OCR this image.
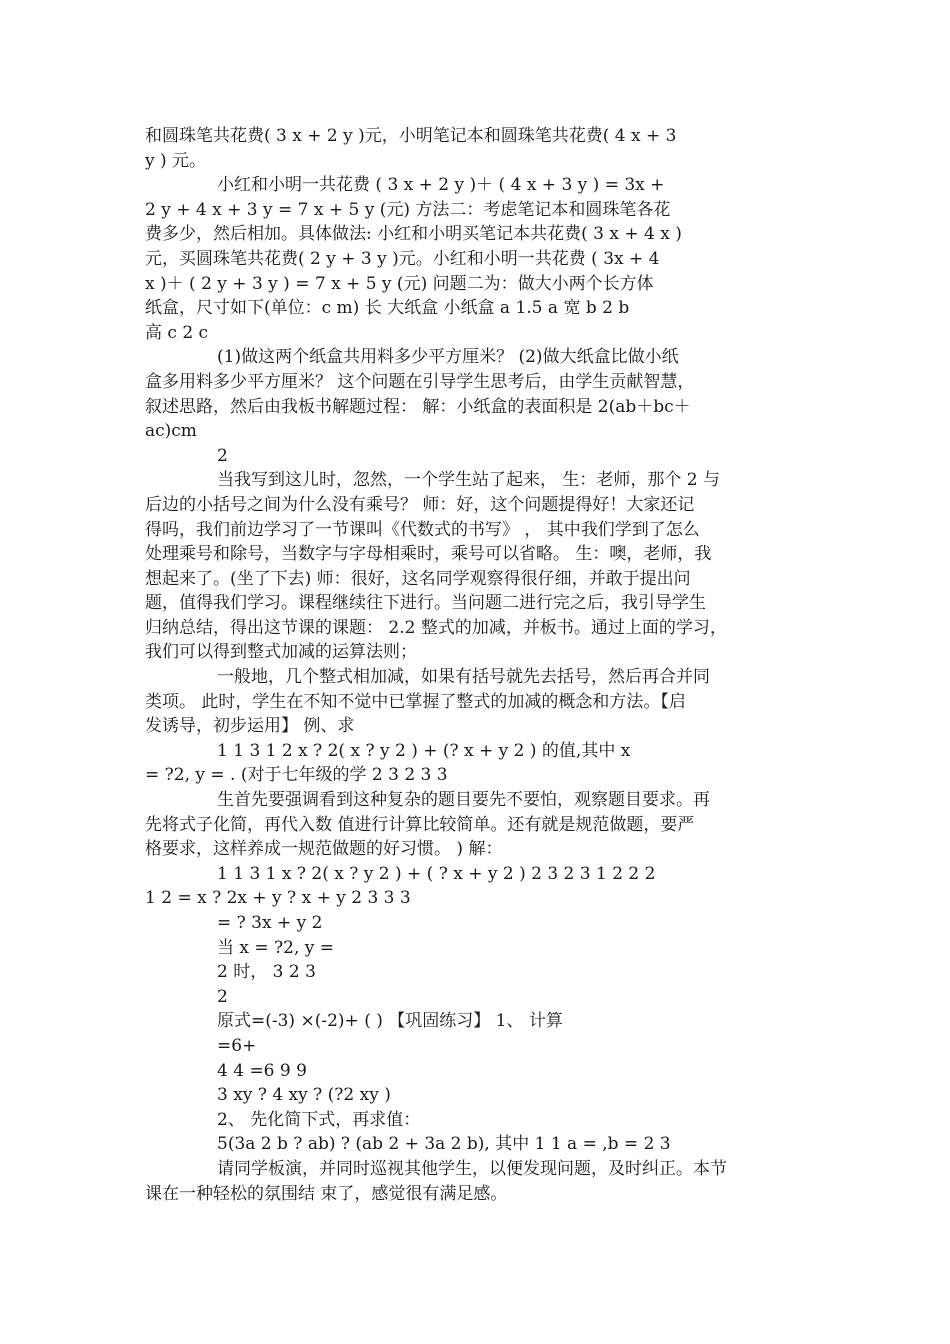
和圆珠笔共花费( 3 x + 2 y )元，小明笔记本和圆珠笔共花费( 4 x + 3
y ) 元。
小红和小明一共花费 ( 3 x + 2 y )＋ ( 4 x + 3 y ) = 3x +
2 y + 4 x + 3 y = 7 x + 5 y (元) 方法二：考虑笔记本和圆珠笔各花
费多少，然后相加。具体做法: 小红和小明买笔记本共花费( 3 x + 4 x )
元，买圆珠笔共花费( 2 y + 3 y )元。小红和小明一共花费 ( 3x + 4
x )＋ ( 2 y + 3 y ) = 7 x + 5 y (元) 问题二为：做大小两个长方体
纸盒，尺寸如下(单位：c m) 长 大纸盒 小纸盒 a 1.5 a 宽 b 2 b
高 c 2 c
(1)做这两个纸盒共用料多少平方厘米？ (2)做大纸盒比做小纸
盒多用料多少平方厘米？ 这个问题在引导学生思考后，由学生贡献智慧，
叙述思路，然后由我板书解题过程： 解：小纸盒的表面积是 2(ab＋bc＋
ac)cm
2
当我写到这儿时，忽然，一个学生站了起来， 生：老师，那个 2 与
后边的小括号之间为什么没有乘号？ 师：好，这个问题提得好！大家还记
得吗，我们前边学习了一节课叫《代数式的书写》 ， 其中我们学到了怎么
处理乘号和除号，当数字与字母相乘时，乘号可以省略。 生：噢，老师，我
想起来了。(坐了下去) 师：很好，这名同学观察得很仔细，并敢于提出问
题，值得我们学习。课程继续往下进行。当问题二进行完之后，我引导学生
归纳总结，得出这节课的课题： 2.2 整式的加减，并板书。通过上面的学习，
我们可以得到整式加减的运算法则；
一般地，几个整式相加减，如果有括号就先去括号，然后再合并同
类项。 此时，学生在不知不觉中已掌握了整式的加减的概念和方法。【启
发诱导，初步运用】 例、求
1 1 3 1 2 x ? 2( x ? y 2 ) + (? x + y 2 ) 的值,其中 x
= ?2, y = . (对于七年级的学 2 3 2 3 3
生首先要强调看到这种复杂的题目要先不要怕，观察题目要求。再
先将式子化简，再代入数 值进行计算比较简单。还有就是规范做题，要严
格要求，这样养成一规范做题的好习惯。 ) 解：
1 1 3 1 x ? 2( x ? y 2 ) + ( ? x + y 2 ) 2 3 2 3 1 2 2 2
1 2 = x ? 2x + y ? x + y 2 3 3 3
= ? 3x + y 2
当 x = ?2, y =
2 时， 3 2 3
2
原式=(-3) ×(-2)+ ( ) 【巩固练习】 1、 计算
=6+
4 4 =6 9 9
3 xy ? 4 xy ? (?2 xy )
2、 先化简下式，再求值：
5(3a 2 b ? ab) ? (ab 2 + 3a 2 b), 其中 1 1 a = ,b = 2 3
请同学板演，并同时巡视其他学生，以便发现问题，及时纠正。本节
课在一种轻松的氛围结 束了，感觉很有满足感。
